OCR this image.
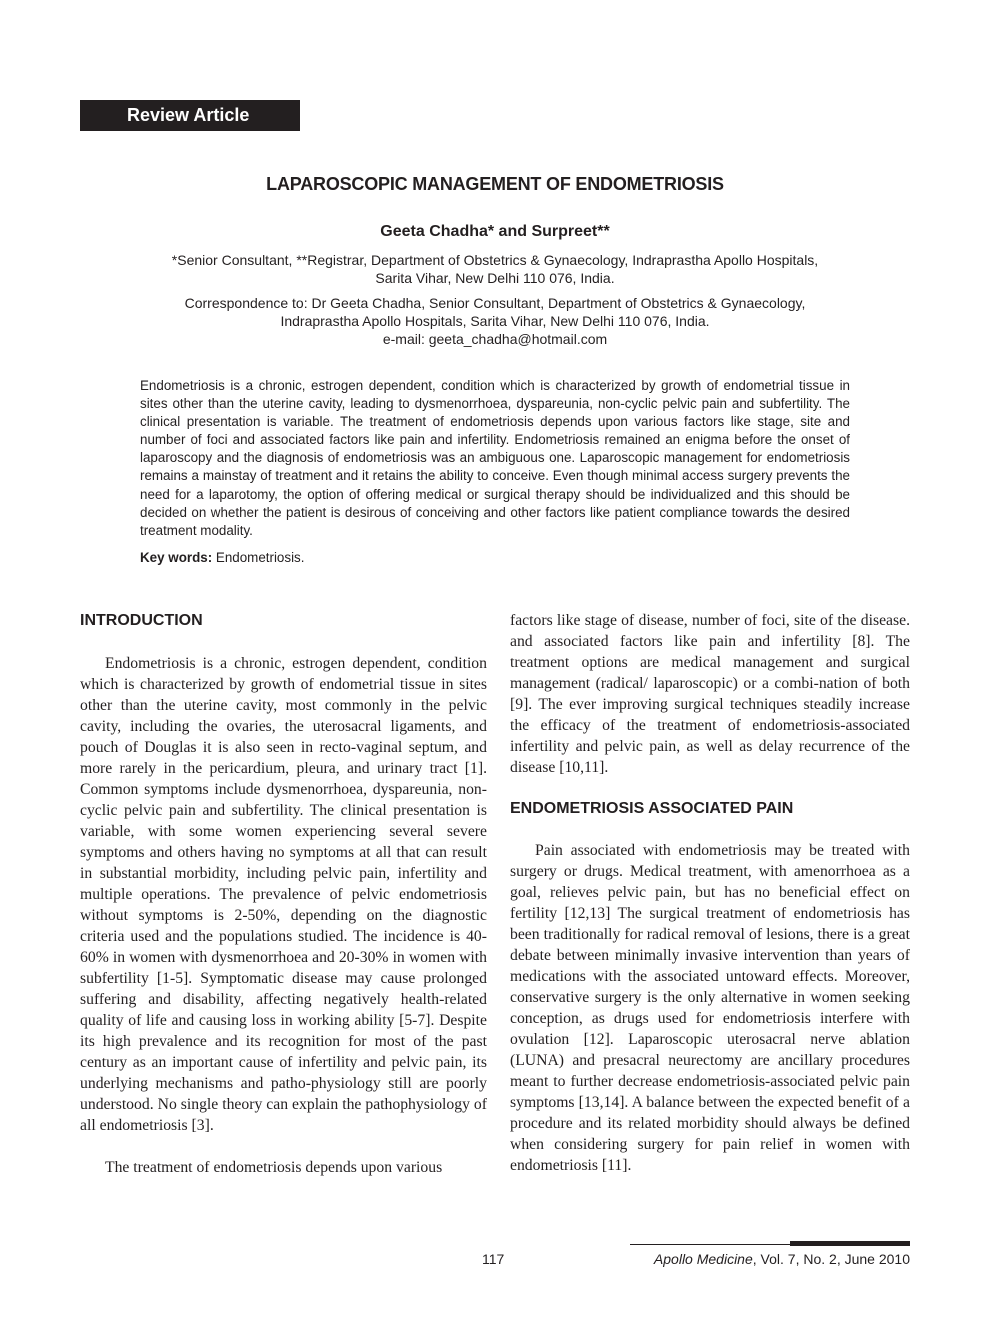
Review Article
LAPAROSCOPIC MANAGEMENT OF ENDOMETRIOSIS
Geeta Chadha* and Surpreet**
*Senior Consultant, **Registrar, Department of Obstetrics & Gynaecology, Indraprastha Apollo Hospitals,
Sarita Vihar, New Delhi 110 076, India.
Correspondence to: Dr Geeta Chadha, Senior Consultant, Department of Obstetrics & Gynaecology,
Indraprastha Apollo Hospitals, Sarita Vihar, New Delhi 110 076, India.
e-mail: geeta_chadha@hotmail.com

Endometriosis is a chronic, estrogen dependent, condition which is characterized by growth of endometrial tissue in sites other than the uterine cavity, leading to dysmenorrhoea, dyspareunia, non-cyclic pelvic pain and subfertility. The clinical presentation is variable. The treatment of endometriosis depends upon various factors like stage, site and number of foci and associated factors like pain and infertility. Endometriosis remained an enigma before the onset of laparoscopy and the diagnosis of endometriosis was an ambiguous one. Laparoscopic management for endometriosis remains a mainstay of treatment and it retains the ability to conceive. Even though minimal access surgery prevents the need for a laparotomy, the option of offering medical or surgical therapy should be individualized and this should be decided on whether the patient is desirous of conceiving and other factors like patient compliance towards the desired treatment modality.

Key words: Endometriosis.
INTRODUCTION

Endometriosis is a chronic, estrogen dependent, condition which is characterized by growth of endometrial tissue in sites other than the uterine cavity, most commonly in the pelvic cavity, including the ovaries, the uterosacral ligaments, and pouch of Douglas it is also seen in recto-vaginal septum, and more rarely in the pericardium, pleura, and urinary tract [1]. Common symptoms include dysmenorrhoea, dyspareunia, non-cyclic pelvic pain and subfertility. The clinical presentation is variable, with some women experiencing several severe symptoms and others having no symptoms at all that can result in substantial morbidity, including pelvic pain, infertility and multiple operations. The prevalence of pelvic endometriosis without symptoms is 2-50%, depending on the diagnostic criteria used and the populations studied. The incidence is 40-60% in women with dysmenorrhoea and 20-30% in women with subfertility [1-5]. Symptomatic disease may cause prolonged suffering and disability, affecting negatively health-related quality of life and causing loss in working ability [5-7]. Despite its high prevalence and its recognition for most of the past century as an important cause of infertility and pelvic pain, its underlying mechanisms and patho-physiology still are poorly understood. No single theory can explain the pathophysiology of all endometriosis [3].

The treatment of endometriosis depends upon various

factors like stage of disease, number of foci, site of the disease. and associated factors like pain and infertility [8]. The treatment options are medical management and surgical management (radical/ laparoscopic) or a combi-nation of both [9]. The ever improving surgical techniques steadily increase the efficacy of the treatment of endometriosis-associated infertility and pelvic pain, as well as delay recurrence of the disease [10,11].

ENDOMETRIOSIS ASSOCIATED PAIN

Pain associated with endometriosis may be treated with surgery or drugs. Medical treatment, with amenorrhoea as a goal, relieves pelvic pain, but has no beneficial effect on fertility [12,13] The surgical treatment of endometriosis has been traditionally for radical removal of lesions, there is a great debate between minimally invasive intervention than years of medications with the associated untoward effects. Moreover, conservative surgery is the only alternative in women seeking conception, as drugs used for endometriosis interfere with ovulation [12]. Laparoscopic uterosacral nerve ablation (LUNA) and presacral neurectomy are ancillary procedures meant to further decrease endometriosis-associated pelvic pain symptoms [13,14]. A balance between the expected benefit of a procedure and its related morbidity should always be defined when considering surgery for pain relief in women with endometriosis [11].

117	Apollo Medicine, Vol. 7, No. 2, June 2010
